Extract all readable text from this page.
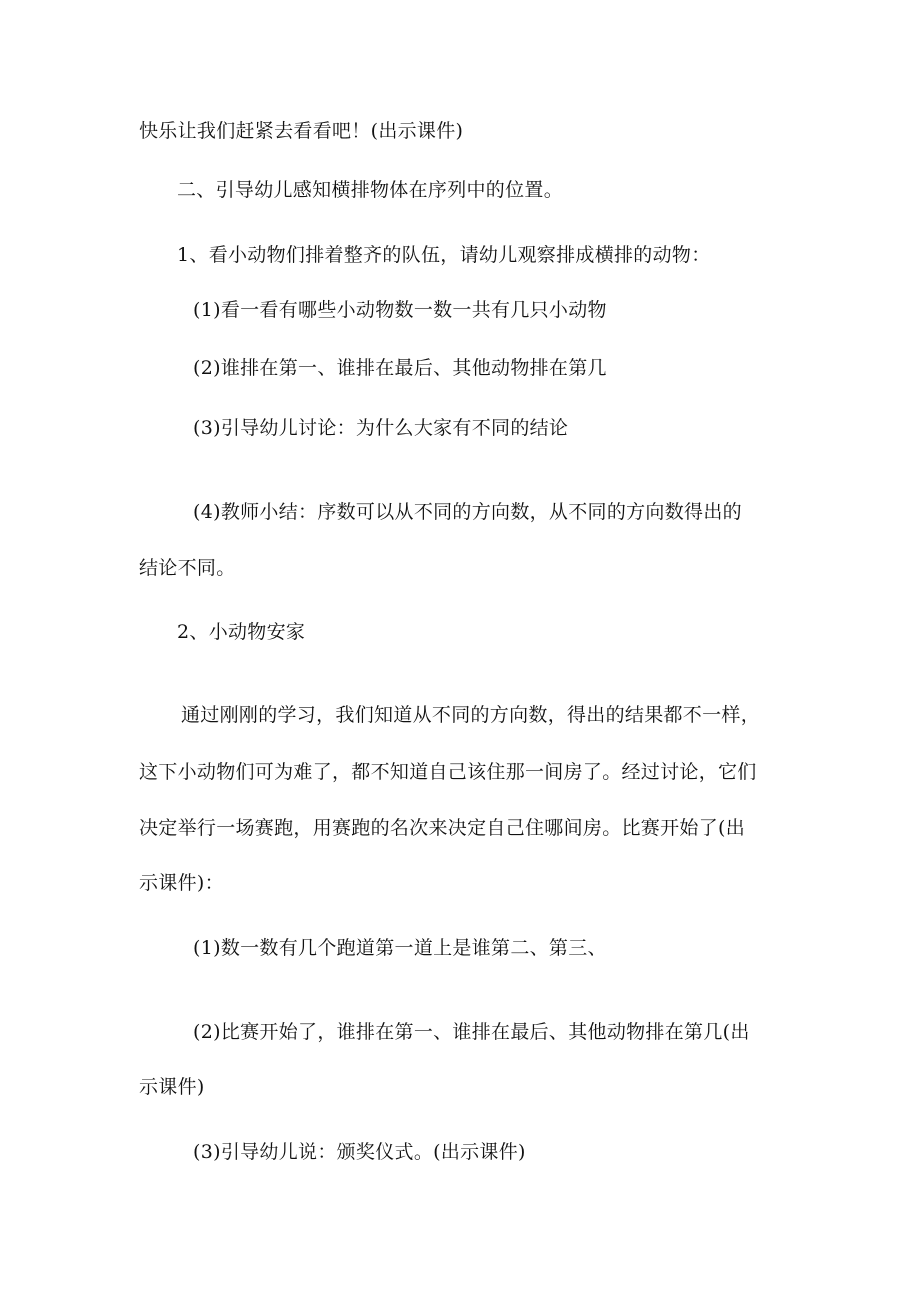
快乐让我们赶紧去看看吧！(出示课件)

二、引导幼儿感知横排物体在序列中的位置。

1、看小动物们排着整齐的队伍，请幼儿观察排成横排的动物：

(1)看一看有哪些小动物数一数一共有几只小动物

(2)谁排在第一、谁排在最后、其他动物排在第几

(3)引导幼儿讨论：为什么大家有不同的结论

(4)教师小结：序数可以从不同的方向数，从不同的方向数得出的

结论不同。

2、小动物安家

通过刚刚的学习，我们知道从不同的方向数，得出的结果都不一样，

这下小动物们可为难了，都不知道自己该住那一间房了。经过讨论，它们

决定举行一场赛跑，用赛跑的名次来决定自己住哪间房。比赛开始了(出

示课件)：

(1)数一数有几个跑道第一道上是谁第二、第三、

(2)比赛开始了，谁排在第一、谁排在最后、其他动物排在第几(出

示课件)

(3)引导幼儿说：颁奖仪式。(出示课件)
